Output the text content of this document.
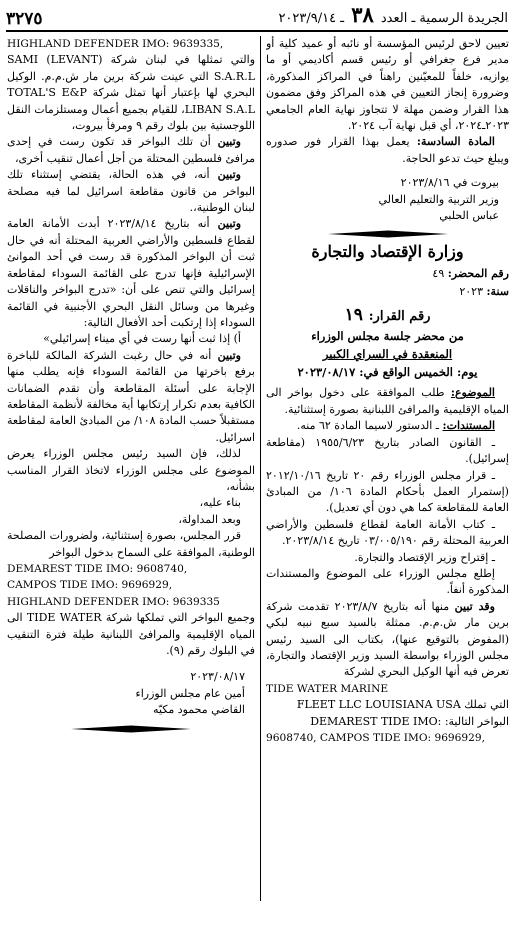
الجريدة الرسمية ـ العدد ٣٨ ـ ٢٠٢٣/٩/١٤
٣٢٧٥

تعيين لاحق لرئيس المؤسسة أو نائبه أو عميد كلية أو مدير فرع جغرافي أو رئيس قسم أكاديمي أو ما يوازيه، خلفاً للمعيّنين راهناً في المراكز المذكورة، وضرورة إنجاز التعيين في هذه المراكز وفق مضمون هذا القرار وضمن مهلة لا تتجاوز نهاية العام الجامعي ٢٠٢٣ـ٢٠٢٤، أي قبل نهاية آب ٢٠٢٤.

المادة السادسة: يعمل بهذا القرار فور صدوره ويبلغ حيث تدعو الحاجة.

بيروت في ٢٠٢٣/٨/١٦

وزير التربية والتعليم العالي

عباس الحلبي

وزارة الإقتصاد والتجارة

رقم المحضر: ٤٩

سنة: ٢٠٢٣

رقم القرار: ١٩

من محضر جلسة مجلس الوزراء

المنعقدة في السراي الكبير

يوم: الخميس الواقع في: ٢٠٢٣/٠٨/١٧

الموضوع: طلب الموافقة على دخول بواخر الى المياه الإقليمية والمرافئ اللبنانية بصورة إستثنائية.

المستندات: ـ الدستور لاسيما المادة ٦٢ منه.

ـ القانون الصادر بتاريخ ١٩٥٥/٦/٢٣ (مقاطعة إسرائيل).

ـ قرار مجلس الوزراء رقم ٢٠ تاريخ ٢٠١٢/١٠/١٦ (إستمرار العمل بأحكام المادة ١٠٦/ من المبادئ العامة للمقاطعة كما هي دون أي تعديل).

ـ كتاب الأمانة العامة لقطاع فلسطين والأراضي العربية المحتلة رقم ٠٣/٠٠٥/١٩٠ تاريخ ٢٠٢٣/٨/١٤.

ـ إقتراح وزير الإقتصاد والتجارة.

إطلع مجلس الوزراء على الموضوع والمستندات المذكورة أنفاً.

وقد تبين منها أنه بتاريخ ٢٠٢٣/٨/٧ تقدمت شركة برين مار ش.م.م. ممثلة بالسيد سبع نبيه لبكي (المفوض بالتوقيع عنها)، بكتاب الى السيد رئيس مجلس الوزراء بواسطة السيد وزير الإقتصاد والتجارة، تعرض فيه أنها الوكيل البحري لشركة

TIDE WATER MARINE

التي تملك FLEET LLC LOUISIANA USA

البواخر التالية: DEMAREST TIDE IMO:

9608740, CAMPOS TIDE IMO: 9696929,

HIGHLAND DEFENDER IMO: 9639335,

والتي تمثلها في لبنان شركة SAMI (LEVANT) S.A.R.L التي عينت شركة برين مار ش.م.م. الوكيل البحري لها بإعتبار أنها تمثل شركة TOTAL'S E&P LIBAN S.A.L، للقيام بجميع أعمال ومستلزمات النقل اللوجستية بين بلوك رقم ٩ ومرفأ بيروت،

وتبين أن تلك البواخر قد تكون رست في إحدى مرافئ فلسطين المحتلة من أجل أعمال تنقيب أخرى،

وتبين أنه، في هذه الحالة، يقتضي إستثناء تلك البواخر من قانون مقاطعة اسرائيل لما فيه مصلحة لبنان الوطنية،.

وتبين أنه بتاريخ ٢٠٢٣/٨/١٤ أبدت الأمانة العامة لقطاع فلسطين والأراضي العربية المحتلة أنه في حال ثبت أن البواخر المذكورة قد رست في أحد الموانئ الإسرائيلية فإنها تدرج على القائمة السوداء لمقاطعة إسرائيل والتي تنص على أن: «تدرج البواخر والناقلات وغيرها من وسائل النقل البحري الأجنبية في القائمة السوداء إذا إرتكبت أحد الأفعال التالية:

أ) إذا ثبت أنها رست في أي ميناء إسرائيلي»

وتبين أنه في حال رغبت الشركة المالكة للباخرة برفع باخرتها من القائمة السوداء فإنه يطلب منها الإجابة على أسئلة المقاطعة وأن تقدم الضمانات الكافية بعدم تكرار إرتكابها أية مخالفة لأنظمة المقاطعة مستقبلاً حسب المادة ١٠٨/ من المبادئ العامة لمقاطعة اسرائيل.

لذلك، فإن السيد رئيس مجلس الوزراء يعرض الموضوع على مجلس الوزراء لاتخاذ القرار المناسب بشأنه،

بناء عليه،

وبعد المداولة،

قرر المجلس، بصورة إستثنائية، ولضرورات المصلحة الوطنية، الموافقة على السماح بدخول البواخر

DEMAREST TIDE IMO: 9608740,

CAMPOS TIDE IMO: 9696929,

HIGHLAND DEFENDER IMO: 9639335

وجميع البواخر التي تملكها شركة TIDE WATER الى المياه الإقليمية والمرافئ اللبنانية طيلة فترة التنقيب في البلوك رقم (٩).

٢٠٢٣/٠٨/١٧

أمين عام مجلس الوزراء

القاضي محمود مكيّه
